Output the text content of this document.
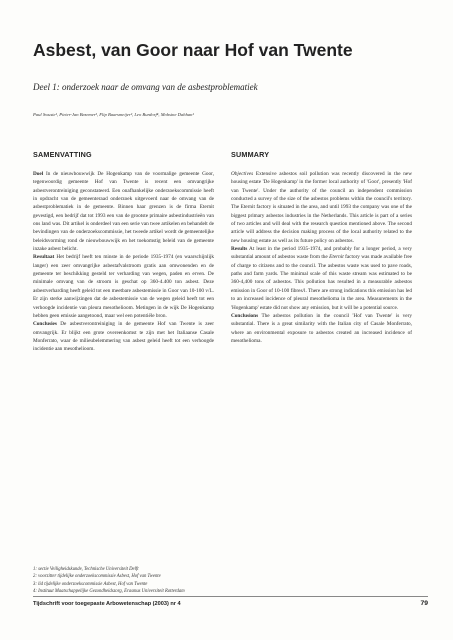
Asbest, van Goor naar Hof van Twente
Deel 1: onderzoek naar de omvang van de asbestproblematiek
Paul Swuste¹, Pieter-Jan Bezemer², Flip Baarsmeijer³, Leo Burdorf⁴, Mohsine Dahhan¹
SAMENVATTING

Doel In de nieuwbouwwijk De Hogenkamp van de voormalige gemeente Goor, tegenwoordig gemeente Hof van Twente is recent een omvangrijke asbestverontreiniging geconstateerd. Een onafhankelijke onderzoekscommissie heeft in opdracht van de gemeenteraad onderzoek uitgevoerd naar de omvang van de asbestproblematiek in de gemeente. Binnen haar grenzen is de firma Eternit gevestigd, een bedrijf dat tot 1993 een van de grootste primaire asbestindustrieën van ons land was. Dit artikel is onderdeel van een serie van twee artikelen en behandelt de bevindingen van de onderzoekscommissie, het tweede artikel wordt de gemeentelijke beleidsvorming rond de nieuwbouwwijk en het toekomstig beleid van de gemeente inzake asbest belicht.

Resultaat Het bedrijf heeft ten minste in de periode 1935-1974 (en waarschijnlijk langer) een zeer omvangrijke asbestafvalstroom gratis aan omwonenden en de gemeente ter beschikking gesteld ter verharding van wegen, paden en erven. De minimale omvang van de stroom is geschat op 360-4.400 ton asbest. Deze asbestverharding heeft geleid tot een meetbare asbestemissie in Goor van 10-100 v/L. Er zijn sterke aanwijzingen dat de asbestemissie van de wegen geleid heeft tot een verhoogde incidentie van pleura mesothelioom. Metingen in de wijk De Hogenkamp hebben geen emissie aangetoond, maar wel een potentiële bron.

Conclusies De asbestverontreiniging in de gemeente Hof van Twente is zeer omvangrijk. Er blijkt een grote overeenkomst te zijn met het Italiaanse Casale Monferrato, waar de milieubelemmering van asbest geleid heeft tot een verhoogde incidentie aan mesothelioom.

SUMMARY

Objectives Extensive asbestos soil pollution was recently discovered in the new housing estate 'De Hogenkamp' in the former local authority of 'Goor', presently 'Hof van Twente'. Under the authority of the council an independent commission conducted a survey of the size of the asbestos problems within the council's territory. The Eternit factory is situated in the area, and until 1993 the company was one of the biggest primary asbestos industries in the Netherlands. This article is part of a series of two articles and will deal with the research question mentioned above. The second article will address the decision making process of the local authority related to the new housing estate as well as its future policy on asbestos.

Results At least in the period 1935-1974, and probably for a longer period, a very substantial amount of asbestos waste from the Eternit factory was made available free of charge to citizens and to the council. The asbestos waste was used to pave roads, paths and farm yards. The minimal scale of this waste stream was estimated to be 360-4,400 tons of asbestos. This pollution has resulted in a measurable asbestos emission in Goor of 10-100 fibres/l. There are strong indications this emission has led to an increased incidence of pleural mesothelioma in the area. Measurements in the 'Hogenkamp' estate did not show any emission, but it will be a potential source.

Conclusions The asbestos pollution in the council 'Hof van Twente' is very substantial. There is a great similarity with the Italian city of Casale Monferrato, where an environmental exposure to asbestos created an increased incidence of mesothelioma.

1: sectie Veiligheidskunde, Technische Universiteit Delft
2: voorzitter tijdelijke onderzoekscommissie Asbest, Hof van Twente
3: lid tijdelijke onderzoekscommissie Asbest, Hof van Twente
4: Instituut Maatschappelijke Gezondheidszorg, Erasmus Universiteit Rotterdam
Tijdschrift voor toegepaste Arbowetenschap (2003) nr 4	79
